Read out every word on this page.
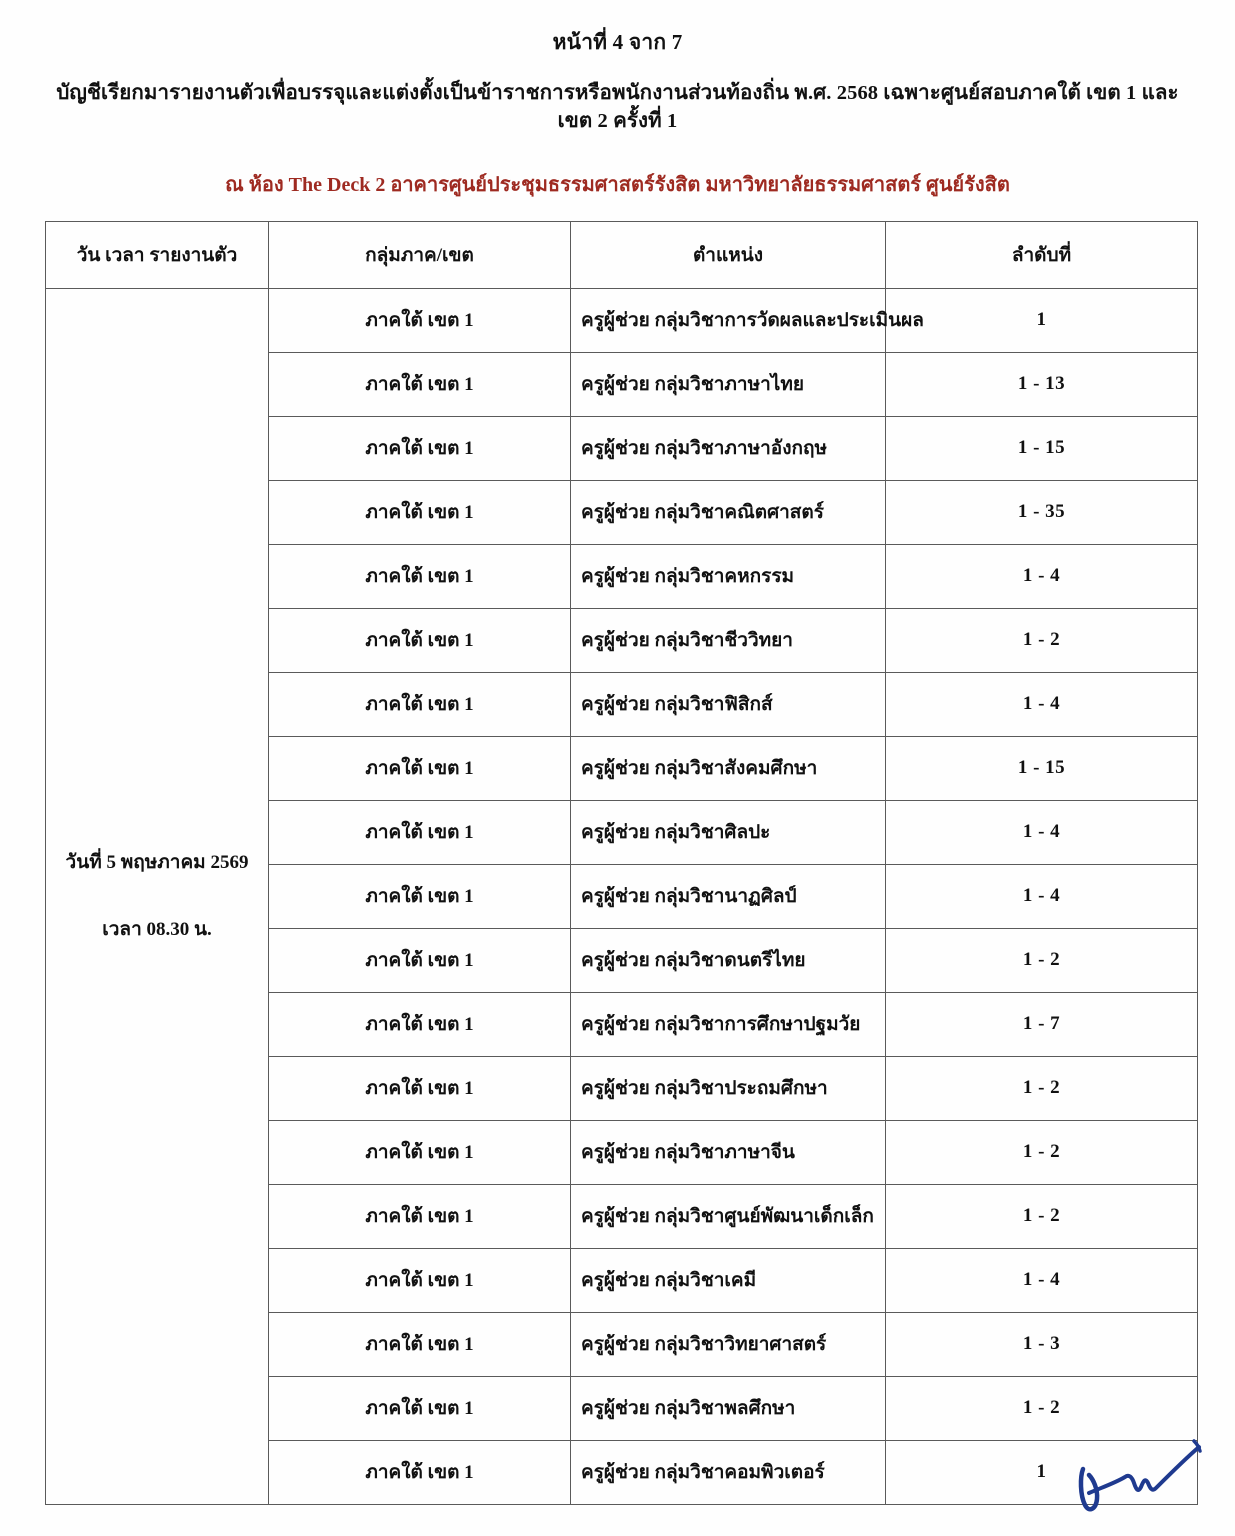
หน้าที่ 4 จาก 7
บัญชีเรียกมารายงานตัวเพื่อบรรจุและแต่งตั้งเป็นข้าราชการหรือพนักงานส่วนท้องถิ่น พ.ศ. 2568 เฉพาะศูนย์สอบภาคใต้ เขต 1 และเขต 2 ครั้งที่ 1
ณ ห้อง The Deck 2 อาคารศูนย์ประชุมธรรมศาสตร์รังสิต มหาวิทยาลัยธรรมศาสตร์ ศูนย์รังสิต
วัน เวลา รายงานตัว	กลุ่มภาค/เขต	ตำแหน่ง	ลำดับที่

วันที่ 5 พฤษภาคม 2569
เวลา 08.30 น.	ภาคใต้ เขต 1	ครูผู้ช่วย กลุ่มวิชาการวัดผลและประเมินผล	1
	ภาคใต้ เขต 1	ครูผู้ช่วย กลุ่มวิชาภาษาไทย	1 - 13
	ภาคใต้ เขต 1	ครูผู้ช่วย กลุ่มวิชาภาษาอังกฤษ	1 - 15
	ภาคใต้ เขต 1	ครูผู้ช่วย กลุ่มวิชาคณิตศาสตร์	1 - 35
	ภาคใต้ เขต 1	ครูผู้ช่วย กลุ่มวิชาคหกรรม	1 - 4
	ภาคใต้ เขต 1	ครูผู้ช่วย กลุ่มวิชาชีววิทยา	1 - 2
	ภาคใต้ เขต 1	ครูผู้ช่วย กลุ่มวิชาฟิสิกส์	1 - 4
	ภาคใต้ เขต 1	ครูผู้ช่วย กลุ่มวิชาสังคมศึกษา	1 - 15
	ภาคใต้ เขต 1	ครูผู้ช่วย กลุ่มวิชาศิลปะ	1 - 4
	ภาคใต้ เขต 1	ครูผู้ช่วย กลุ่มวิชานาฏศิลป์	1 - 4
	ภาคใต้ เขต 1	ครูผู้ช่วย กลุ่มวิชาดนตรีไทย	1 - 2
	ภาคใต้ เขต 1	ครูผู้ช่วย กลุ่มวิชาการศึกษาปฐมวัย	1 - 7
	ภาคใต้ เขต 1	ครูผู้ช่วย กลุ่มวิชาประถมศึกษา	1 - 2
	ภาคใต้ เขต 1	ครูผู้ช่วย กลุ่มวิชาภาษาจีน	1 - 2
	ภาคใต้ เขต 1	ครูผู้ช่วย กลุ่มวิชาศูนย์พัฒนาเด็กเล็ก	1 - 2
	ภาคใต้ เขต 1	ครูผู้ช่วย กลุ่มวิชาเคมี	1 - 4
	ภาคใต้ เขต 1	ครูผู้ช่วย กลุ่มวิชาวิทยาศาสตร์	1 - 3
	ภาคใต้ เขต 1	ครูผู้ช่วย กลุ่มวิชาพลศึกษา	1 - 2
	ภาคใต้ เขต 1	ครูผู้ช่วย กลุ่มวิชาคอมพิวเตอร์	1
